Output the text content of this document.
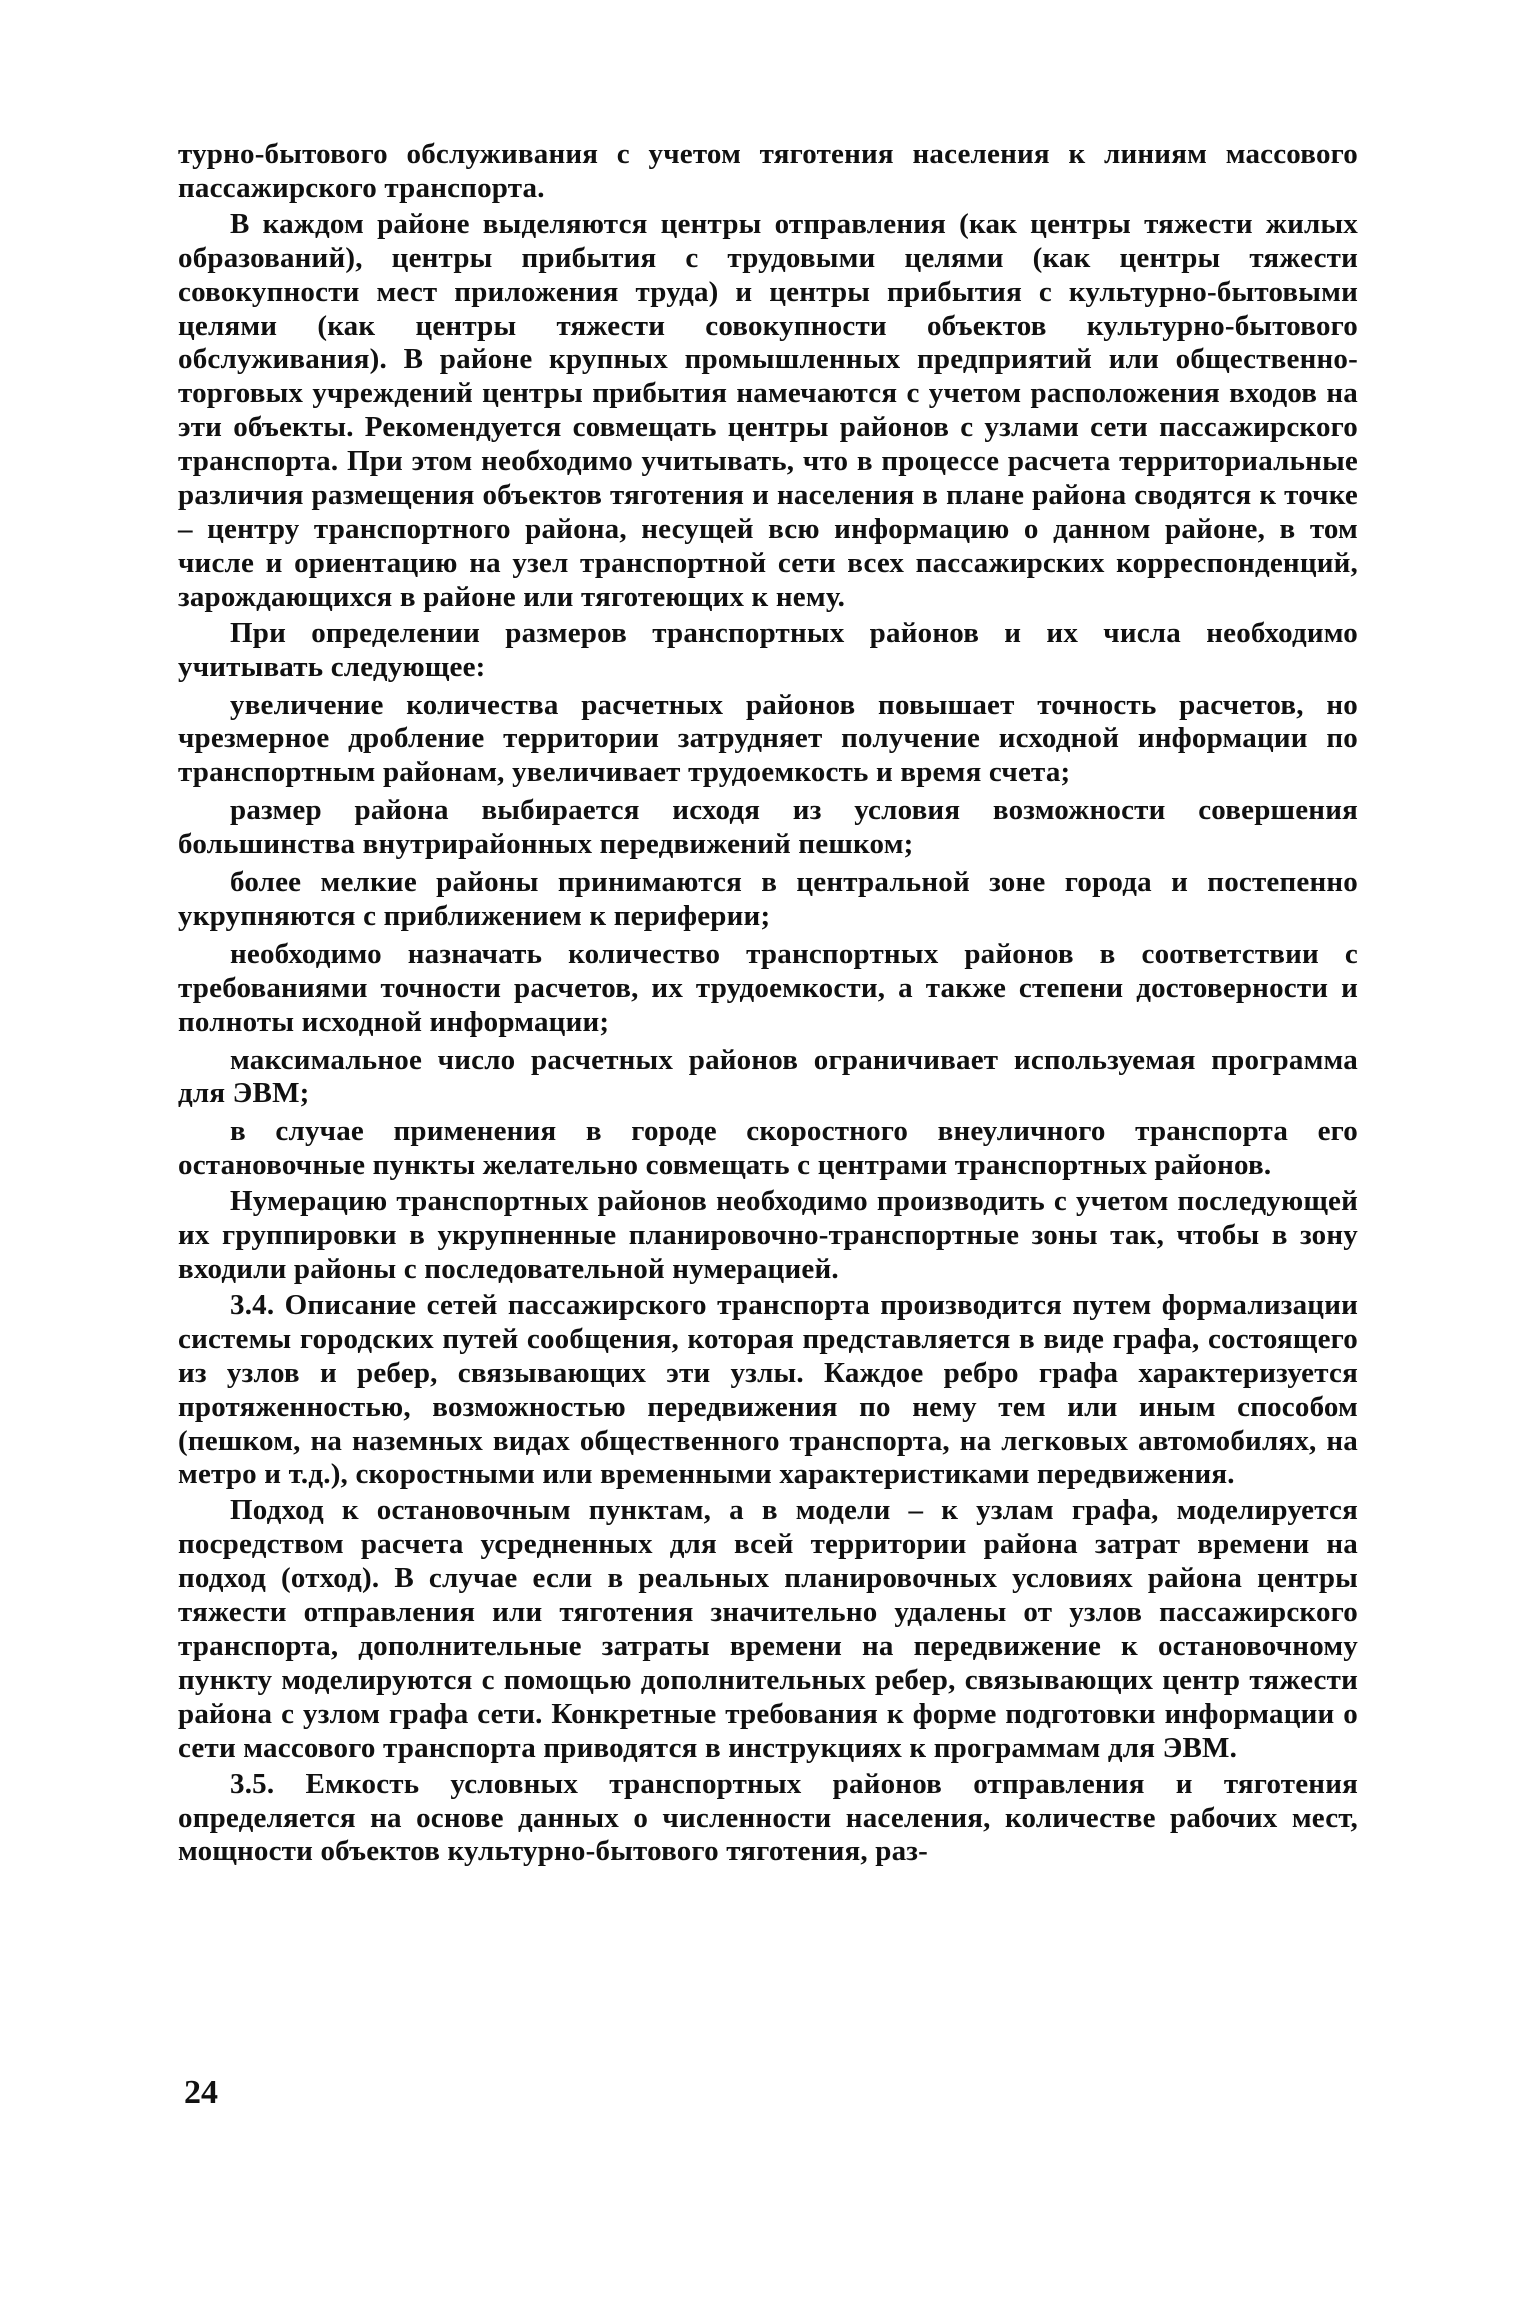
турно-бытового обслуживания с учетом тяготения населения к линиям массового пассажирского транспорта.

В каждом районе выделяются центры отправления (как центры тяжести жилых образований), центры прибытия с трудовыми целями (как центры тяжести совокупности мест приложения труда) и центры прибытия с культурно-бытовыми целями (как центры тяжести совокупности объектов культурно-бытового обслуживания). В районе крупных промышленных предприятий или общественно-торговых учреждений центры прибытия намечаются с учетом расположения входов на эти объекты. Рекомендуется совмещать центры районов с узлами сети пассажирского транспорта. При этом необходимо учитывать, что в процессе расчета территориальные различия размещения объектов тяготения и населения в плане района сводятся к точке – центру транспортного района, несущей всю информацию о данном районе, в том числе и ориентацию на узел транспортной сети всех пассажирских корреспонденций, зарождающихся в районе или тяготеющих к нему.

При определении размеров транспортных районов и их числа необходимо учитывать следующее:

увеличение количества расчетных районов повышает точность расчетов, но чрезмерное дробление территории затрудняет получение исходной информации по транспортным районам, увеличивает трудоемкость и время счета;

размер района выбирается исходя из условия возможности совершения большинства внутрирайонных передвижений пешком;

более мелкие районы принимаются в центральной зоне города и постепенно укрупняются с приближением к периферии;

необходимо назначать количество транспортных районов в соответствии с требованиями точности расчетов, их трудоемкости, а также степени достоверности и полноты исходной информации;

максимальное число расчетных районов ограничивает используемая программа для ЭВМ;

в случае применения в городе скоростного внеуличного транспорта его остановочные пункты желательно совмещать с центрами транспортных районов.

Нумерацию транспортных районов необходимо производить с учетом последующей их группировки в укрупненные планировочно-транспортные зоны так, чтобы в зону входили районы с последовательной нумерацией.

3.4. Описание сетей пассажирского транспорта производится путем формализации системы городских путей сообщения, которая представляется в виде графа, состоящего из узлов и ребер, связывающих эти узлы. Каждое ребро графа характеризуется протяженностью, возможностью передвижения по нему тем или иным способом (пешком, на наземных видах общественного транспорта, на легковых автомобилях, на метро и т.д.), скоростными или временными характеристиками передвижения.

Подход к остановочным пунктам, а в модели – к узлам графа, моделируется посредством расчета усредненных для всей территории района затрат времени на подход (отход). В случае если в реальных планировочных условиях района центры тяжести отправления или тяготения значительно удалены от узлов пассажирского транспорта, дополнительные затраты времени на передвижение к остановочному пункту моделируются с помощью дополнительных ребер, связывающих центр тяжести района с узлом графа сети. Конкретные требования к форме подготовки информации о сети массового транспорта приводятся в инструкциях к программам для ЭВМ.

3.5. Емкость условных транспортных районов отправления и тяготения определяется на основе данных о численности населения, количестве рабочих мест, мощности объектов культурно-бытового тяготения, раз-

24
